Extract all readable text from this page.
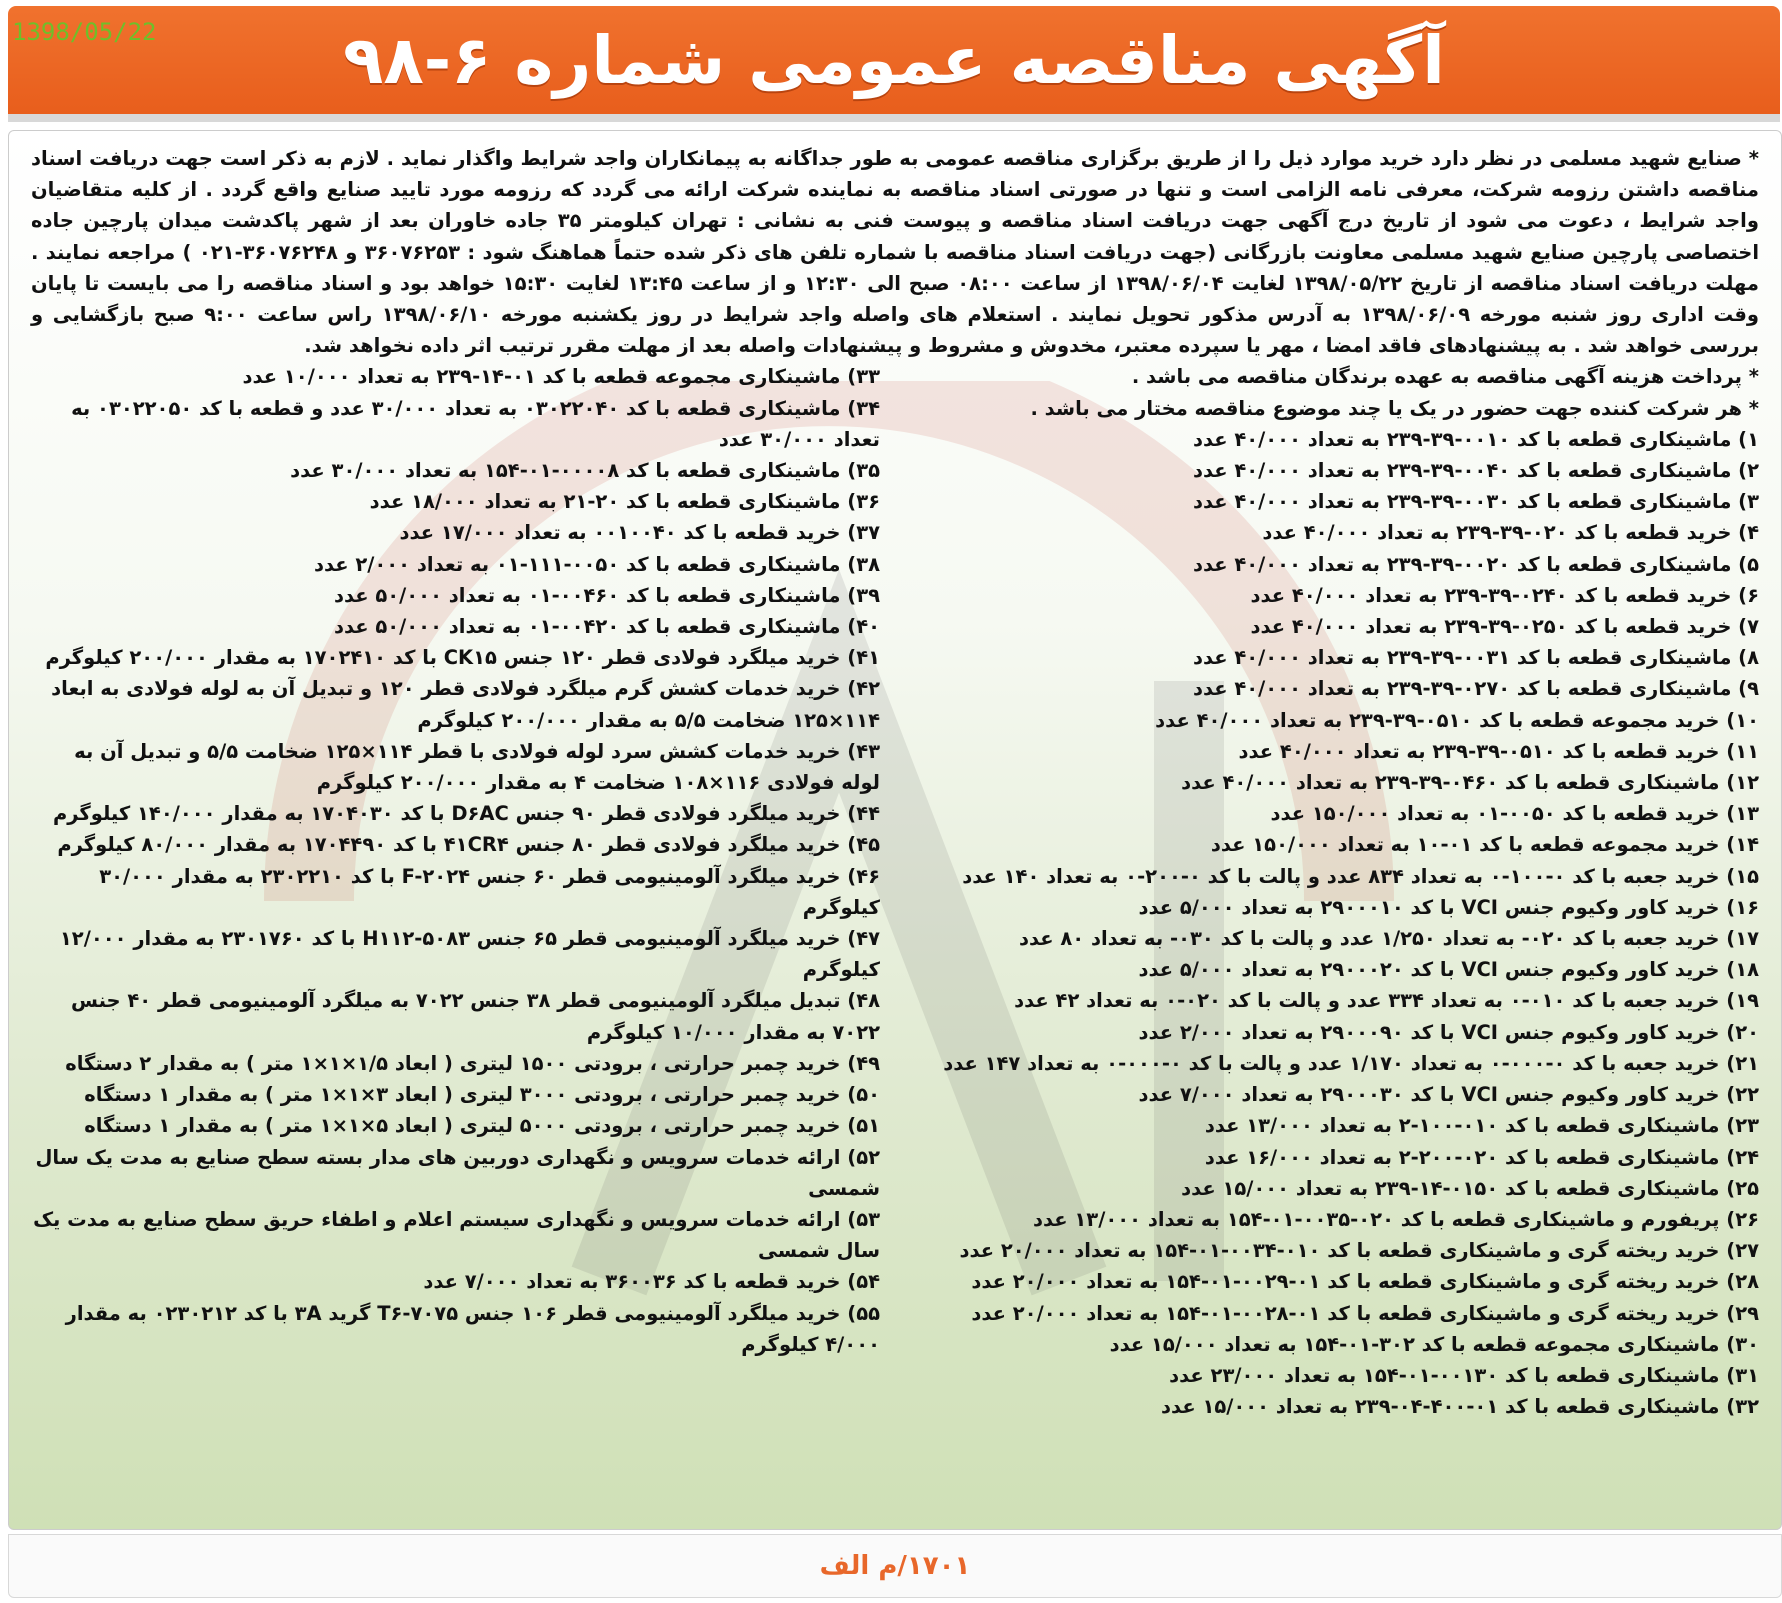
آگهی مناقصه عمومی شماره ۶-۹۸
1398/05/22

* صنایع شهید مسلمی در نظر دارد خرید موارد ذیل را از طریق برگزاری مناقصه عمومی به طور جداگانه به پیمانکاران واجد شرایط واگذار نماید . لازم به ذکر است جهت دریافت اسناد مناقصه داشتن رزومه شرکت، معرفی نامه الزامی است و تنها در صورتی اسناد مناقصه به نماینده شرکت ارائه می گردد که رزومه مورد تایید صنایع واقع گردد . از کلیه متقاضیان واجد شرایط ، دعوت می شود از تاریخ درج آگهی جهت دریافت اسناد مناقصه و پیوست فنی به نشانی : تهران کیلومتر ۳۵ جاده خاوران بعد از شهر پاکدشت میدان پارچین جاده اختصاصی پارچین صنایع شهید مسلمی معاونت بازرگانی (جهت دریافت اسناد مناقصه با شماره تلفن های ذکر شده حتماً هماهنگ شود : ۳۶۰۷۶۲۵۳ و ۳۶۰۷۶۲۴۸-۰۲۱ ) مراجعه نمایند . مهلت دریافت اسناد مناقصه از تاریخ ۱۳۹۸/۰۵/۲۲ لغایت ۱۳۹۸/۰۶/۰۴ از ساعت ۰۸:۰۰ صبح الی ۱۲:۳۰ و از ساعت ۱۳:۴۵ لغایت ۱۵:۳۰ خواهد بود و اسناد مناقصه را می بایست تا پایان وقت اداری روز شنبه مورخه ۱۳۹۸/۰۶/۰۹ به آدرس مذکور تحویل نمایند . استعلام های واصله واجد شرایط در روز یکشنبه مورخه ۱۳۹۸/۰۶/۱۰ راس ساعت ۹:۰۰ صبح بازگشایی و بررسی خواهد شد . به پیشنهادهای فاقد امضا ، مهر یا سپرده معتبر، مخدوش و مشروط و پیشنهادات واصله بعد از مهلت مقرر ترتیب اثر داده نخواهد شد.

* پرداخت هزینه آگهی مناقصه به عهده برندگان مناقصه می باشد .

* هر شرکت کننده جهت حضور در یک یا چند موضوع مناقصه مختار می باشد .

۱) ماشینکاری قطعه با کد ۰۰۱۰-۳۹-۲۳۹ به تعداد ۴۰/۰۰۰ عدد

۲) ماشینکاری قطعه با کد ۰۰۴۰-۳۹-۲۳۹ به تعداد ۴۰/۰۰۰ عدد

۳) ماشینکاری قطعه با کد ۰۰۳۰-۳۹-۲۳۹ به تعداد ۴۰/۰۰۰ عدد

۴) خرید قطعه با کد ۰۲۰-۳۹-۲۳۹ به تعداد ۴۰/۰۰۰ عدد

۵) ماشینکاری قطعه با کد ۰۰۲۰-۳۹-۲۳۹ به تعداد ۴۰/۰۰۰ عدد

۶) خرید قطعه با کد ۰۲۴۰-۳۹-۲۳۹ به تعداد ۴۰/۰۰۰ عدد

۷) خرید قطعه با کد ۰۲۵۰-۳۹-۲۳۹ به تعداد ۴۰/۰۰۰ عدد

۸) ماشینکاری قطعه با کد ۰۰۳۱-۳۹-۲۳۹ به تعداد ۴۰/۰۰۰ عدد

۹) ماشینکاری قطعه با کد ۰۲۷۰-۳۹-۲۳۹ به تعداد ۴۰/۰۰۰ عدد

۱۰) خرید مجموعه قطعه با کد ۰۵۱۰-۳۹-۲۳۹ به تعداد ۴۰/۰۰۰ عدد

۱۱) خرید قطعه با کد ۰۵۱۰-۳۹-۲۳۹ به تعداد ۴۰/۰۰۰ عدد

۱۲) ماشینکاری قطعه با کد ۰۴۶۰-۳۹-۲۳۹ به تعداد ۴۰/۰۰۰ عدد

۱۳) خرید قطعه با کد ۰۰۵۰-۰۱ به تعداد ۱۵۰/۰۰۰ عدد

۱۴) خرید مجموعه قطعه با کد ۰۱-۱۰ به تعداد ۱۵۰/۰۰۰ عدد

۱۵) خرید جعبه با کد ۰-۱۰۰-۰ به تعداد ۸۳۴ عدد و پالت با کد ۰-۲۰۰-۰ به تعداد ۱۴۰ عدد

۱۶) خرید کاور وکیوم جنس VCI با کد ۲۹۰۰۰۱۰ به تعداد ۵/۰۰۰ عدد

۱۷) خرید جعبه با کد ۰۲۰- به تعداد ۱/۲۵۰ عدد و پالت با کد ۰۳۰- به تعداد ۸۰ عدد

۱۸) خرید کاور وکیوم جنس VCI با کد ۲۹۰۰۰۲۰ به تعداد ۵/۰۰۰ عدد

۱۹) خرید جعبه با کد ۰۱۰-۰ به تعداد ۳۳۴ عدد و پالت با کد ۰۲۰-۰ به تعداد ۴۲ عدد

۲۰) خرید کاور وکیوم جنس VCI با کد ۲۹۰۰۰۹۰ به تعداد ۲/۰۰۰ عدد

۲۱) خرید جعبه با کد ۰-۰۰۰-۰ به تعداد ۱/۱۷۰ عدد و پالت با کد ۰-۰۰۰-۰ به تعداد ۱۴۷ عدد

۲۲) خرید کاور وکیوم جنس VCI با کد ۲۹۰۰۰۳۰ به تعداد ۷/۰۰۰ عدد

۲۳) ماشینکاری قطعه با کد ۰۱۰-۱۰۰-۲ به تعداد ۱۳/۰۰۰ عدد

۲۴) ماشینکاری قطعه با کد ۰۲۰-۲۰۰-۲ به تعداد ۱۶/۰۰۰ عدد

۲۵) ماشینکاری قطعه با کد ۰۱۵۰-۱۴-۲۳۹ به تعداد ۱۵/۰۰۰ عدد

۲۶) پریفورم و ماشینکاری قطعه با کد ۰۲۰-۰۰۳۵-۰۱-۱۵۴ به تعداد ۱۳/۰۰۰ عدد

۲۷) خرید ریخته گری و ماشینکاری قطعه با کد ۰۱۰-۰۰۳۴-۰۱-۱۵۴ به تعداد ۲۰/۰۰۰ عدد

۲۸) خرید ریخته گری و ماشینکاری قطعه با کد ۰۱-۰۰۲۹-۰۱-۱۵۴ به تعداد ۲۰/۰۰۰ عدد

۲۹) خرید ریخته گری و ماشینکاری قطعه با کد ۰۱-۰۰۲۸-۰۱-۱۵۴ به تعداد ۲۰/۰۰۰ عدد

۳۰) ماشینکاری مجموعه قطعه با کد ۳۰۲-۰۱-۱۵۴ به تعداد ۱۵/۰۰۰ عدد

۳۱) ماشینکاری قطعه با کد ۰۰۱۳۰-۰۱-۱۵۴ به تعداد ۲۳/۰۰۰ عدد

۳۲) ماشینکاری قطعه با کد ۰۱-۴۰۰-۰۴-۲۳۹ به تعداد ۱۵/۰۰۰ عدد

۳۳) ماشینکاری مجموعه قطعه با کد ۰۱-۱۴-۲۳۹ به تعداد ۱۰/۰۰۰ عدد

۳۴) ماشینکاری قطعه با کد ۰۳۰۲۲۰۴۰ به تعداد ۳۰/۰۰۰ عدد و قطعه با کد ۰۳۰۲۲۰۵۰ به تعداد ۳۰/۰۰۰ عدد

۳۵) ماشینکاری قطعه با کد ۰۰۰۰۸-۰۱-۱۵۴ به تعداد ۳۰/۰۰۰ عدد

۳۶) ماشینکاری قطعه با کد ۲۰-۲۱ به تعداد ۱۸/۰۰۰ عدد

۳۷) خرید قطعه با کد ۰۰۱۰۰۴۰ به تعداد ۱۷/۰۰۰ عدد

۳۸) ماشینکاری قطعه با کد ۰۰۵۰-۱۱۱-۰۱ به تعداد ۲/۰۰۰ عدد

۳۹) ماشینکاری قطعه با کد ۰۰۴۶۰-۰۱ به تعداد ۵۰/۰۰۰ عدد

۴۰) ماشینکاری قطعه با کد ۰۰۴۲۰-۰۱ به تعداد ۵۰/۰۰۰ عدد

۴۱) خرید میلگرد فولادی قطر ۱۲۰ جنس CK۱۵ با کد ۱۷۰۲۴۱۰ به مقدار ۲۰۰/۰۰۰ کیلوگرم

۴۲) خرید خدمات کشش گرم میلگرد فولادی قطر ۱۲۰ و تبدیل آن به لوله فولادی به ابعاد ۱۱۴×۱۲۵ ضخامت ۵/۵ به مقدار ۲۰۰/۰۰۰ کیلوگرم

۴۳) خرید خدمات کشش سرد لوله فولادی با قطر ۱۱۴×۱۲۵ ضخامت ۵/۵ و تبدیل آن به لوله فولادی ۱۱۶×۱۰۸ ضخامت ۴ به مقدار ۲۰۰/۰۰۰ کیلوگرم

۴۴) خرید میلگرد فولادی قطر ۹۰ جنس D۶AC با کد ۱۷۰۴۰۳۰ به مقدار ۱۴۰/۰۰۰ کیلوگرم

۴۵) خرید میلگرد فولادی قطر ۸۰ جنس ۴۱CR۴ با کد ۱۷۰۴۴۹۰ به مقدار ۸۰/۰۰۰ کیلوگرم

۴۶) خرید میلگرد آلومینیومی قطر ۶۰ جنس F-۲۰۲۴ با کد ۲۳۰۲۲۱۰ به مقدار ۳۰/۰۰۰ کیلوگرم

۴۷) خرید میلگرد آلومینیومی قطر ۶۵ جنس H۱۱۲-۵۰۸۳ با کد ۲۳۰۱۷۶۰ به مقدار ۱۲/۰۰۰ کیلوگرم

۴۸) تبدیل میلگرد آلومینیومی قطر ۳۸ جنس ۷۰۲۲ به میلگرد آلومینیومی قطر ۴۰ جنس ۷۰۲۲ به مقدار ۱۰/۰۰۰ کیلوگرم

۴۹) خرید چمبر حرارتی ، برودتی ۱۵۰۰ لیتری ( ابعاد ۱/۵×۱×۱ متر ) به مقدار ۲ دستگاه

۵۰) خرید چمبر حرارتی ، برودتی ۳۰۰۰ لیتری ( ابعاد ۳×۱×۱ متر ) به مقدار ۱ دستگاه

۵۱) خرید چمبر حرارتی ، برودتی ۵۰۰۰ لیتری ( ابعاد ۵×۱×۱ متر ) به مقدار ۱ دستگاه

۵۲) ارائه خدمات سرویس و نگهداری دوربین های مدار بسته سطح صنایع به مدت یک سال شمسی

۵۳) ارائه خدمات سرویس و نگهداری سیستم اعلام و اطفاء حریق سطح صنایع به مدت یک سال شمسی

۵۴) خرید قطعه با کد ۳۶۰۰۳۶ به تعداد ۷/۰۰۰ عدد

۵۵) خرید میلگرد آلومینیومی قطر ۱۰۶ جنس T۶-۷۰۷۵ گرید ۳A با کد ۰۲۳۰۲۱۲ به مقدار ۴/۰۰۰ کیلوگرم

۱۷۰۱/م الف
